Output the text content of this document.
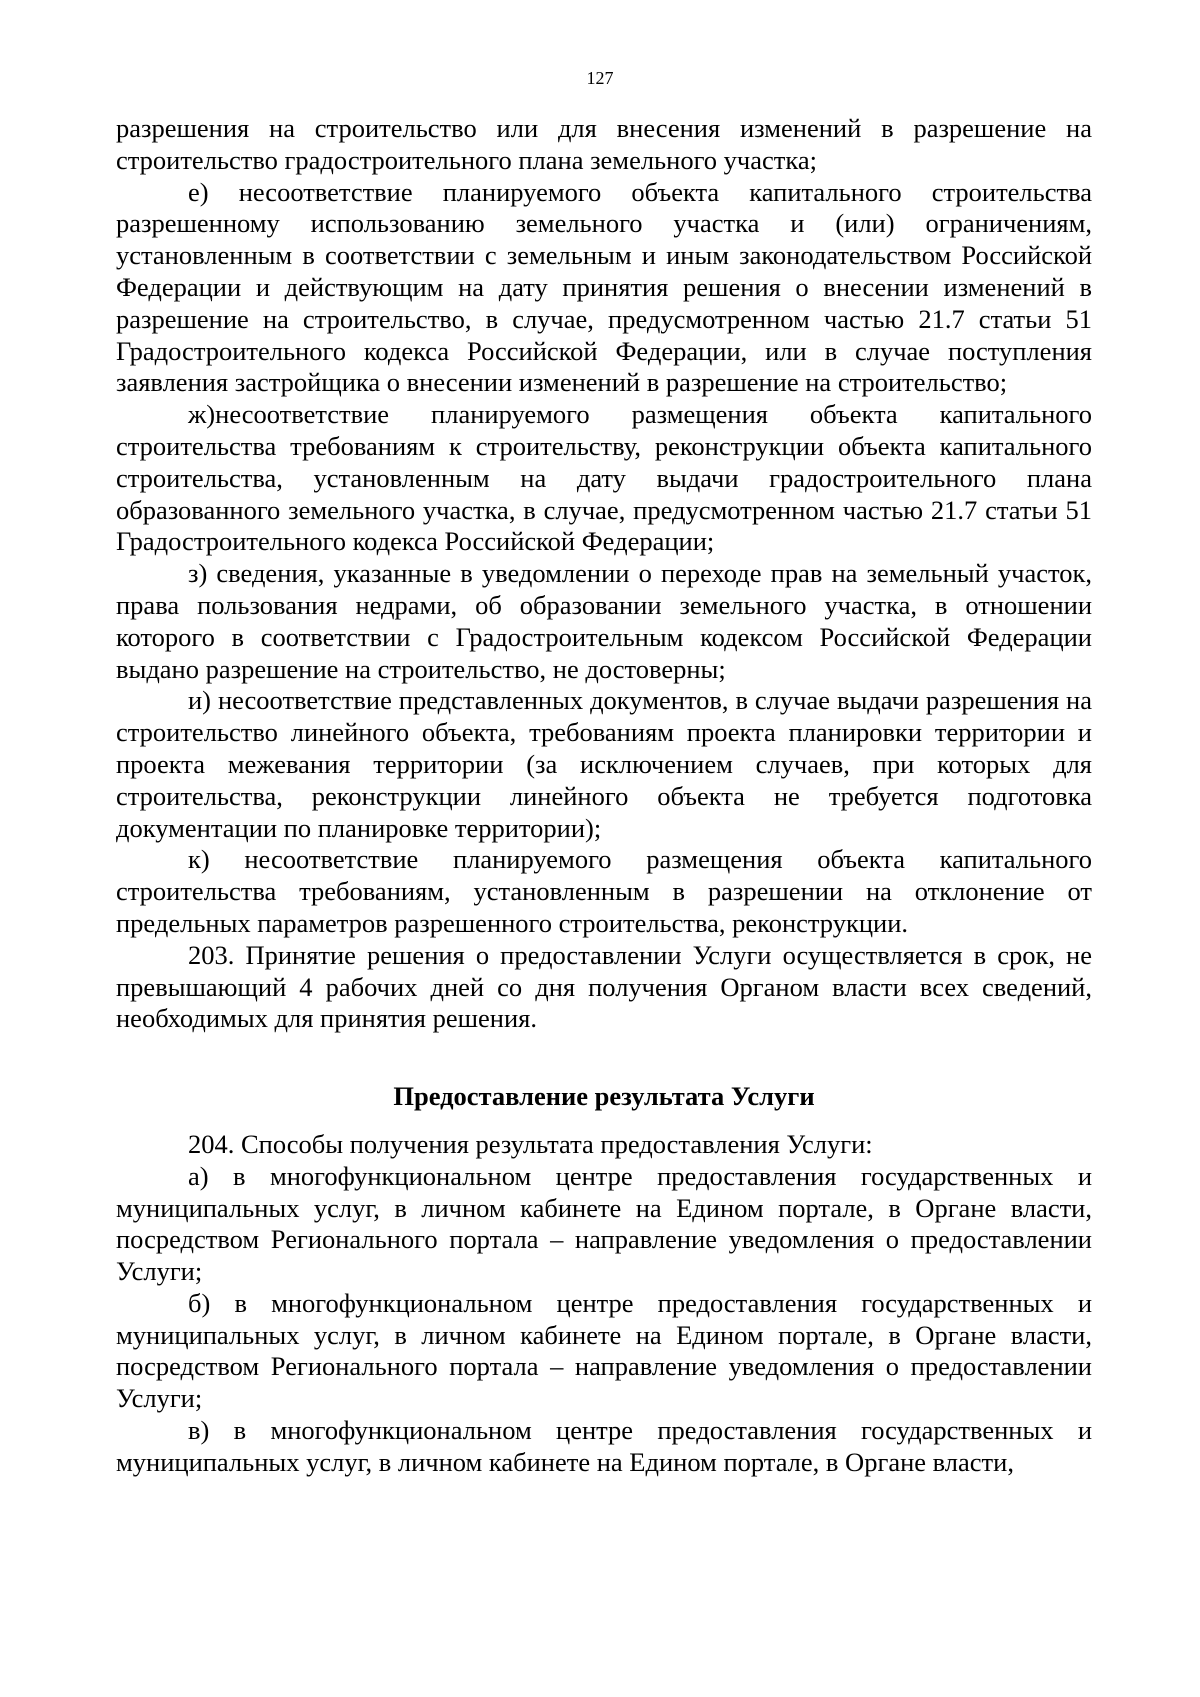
127

разрешения на строительство или для внесения изменений в разрешение на строительство градостроительного плана земельного участка;

е) несоответствие планируемого объекта капитального строительства разрешенному использованию земельного участка и (или) ограничениям, установленным в соответствии с земельным и иным законодательством Российской Федерации и действующим на дату принятия решения о внесении изменений в разрешение на строительство, в случае, предусмотренном частью 21.7 статьи 51 Градостроительного кодекса Российской Федерации, или в случае поступления заявления застройщика о внесении изменений в разрешение на строительство;

ж)несоответствие планируемого размещения объекта капитального строительства требованиям к строительству, реконструкции объекта капитального строительства, установленным на дату выдачи градостроительного плана образованного земельного участка, в случае, предусмотренном частью 21.7 статьи 51 Градостроительного кодекса Российской Федерации;

з) сведения, указанные в уведомлении о переходе прав на земельный участок, права пользования недрами, об образовании земельного участка, в отношении которого в соответствии с Градостроительным кодексом Российской Федерации выдано разрешение на строительство, не достоверны;

и) несоответствие представленных документов, в случае выдачи разрешения на строительство линейного объекта, требованиям проекта планировки территории и проекта межевания территории (за исключением случаев, при которых для строительства, реконструкции линейного объекта не требуется подготовка документации по планировке территории);

к) несоответствие планируемого размещения объекта капитального строительства требованиям, установленным в разрешении на отклонение от предельных параметров разрешенного строительства, реконструкции.

203. Принятие решения о предоставлении Услуги осуществляется в срок, не превышающий 4 рабочих дней со дня получения Органом власти всех сведений, необходимых для принятия решения.

Предоставление результата Услуги

204. Способы получения результата предоставления Услуги:

а) в многофункциональном центре предоставления государственных и муниципальных услуг, в личном кабинете на Едином портале, в Органе власти, посредством Регионального портала – направление уведомления о предоставлении Услуги;

б) в многофункциональном центре предоставления государственных и муниципальных услуг, в личном кабинете на Едином портале, в Органе власти, посредством Регионального портала – направление уведомления о предоставлении Услуги;

в) в многофункциональном центре предоставления государственных и муниципальных услуг, в личном кабинете на Едином портале, в Органе власти,
